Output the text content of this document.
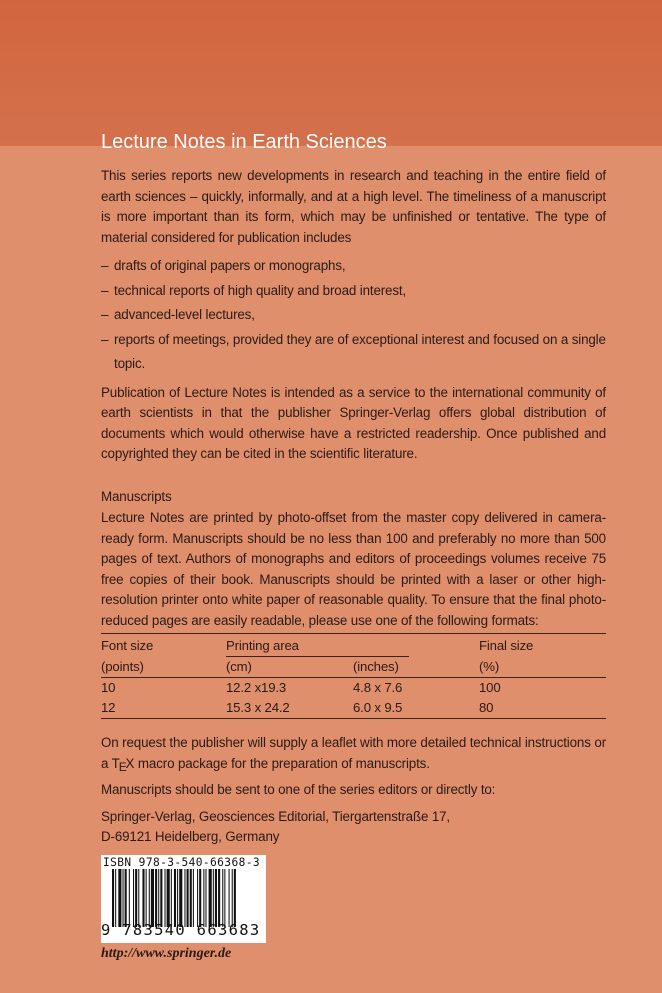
Lecture Notes in Earth Sciences

This series reports new developments in research and teaching in the entire field of earth sciences – quickly, informally, and at a high level. The timeliness of a manuscript is more important than its form, which may be unfinished or tentative. The type of material considered for publication includes

– drafts of original papers or monographs,
– technical reports of high quality and broad interest,
– advanced-level lectures,
– reports of meetings, provided they are of exceptional interest and focused on a single topic.

Publication of Lecture Notes is intended as a service to the international community of earth scientists in that the publisher Springer-Verlag offers global distribution of documents which would otherwise have a restricted readership. Once published and copyrighted they can be cited in the scientific literature.

Manuscripts

Lecture Notes are printed by photo-offset from the master copy delivered in camera-ready form. Manuscripts should be no less than 100 and preferably no more than 500 pages of text. Authors of monographs and editors of proceedings volumes receive 75 free copies of their book. Manuscripts should be printed with a laser or other high-resolution printer onto white paper of reasonable quality. To ensure that the final photo-reduced pages are easily readable, please use one of the following formats:

Font size	Printing area		Final size
(points)	(cm)	(inches)	(%)
10	12.2 x19.3	4.8 x 7.6	100
12	15.3 x 24.2	6.0 x 9.5	80

On request the publisher will supply a leaflet with more detailed technical instructions or a TEX macro package for the preparation of manuscripts.

Manuscripts should be sent to one of the series editors or directly to:

Springer-Verlag, Geosciences Editorial, Tiergartenstraße 17,
D-69121 Heidelberg, Germany
ISBN 978-3-540-66368-3
9 783540 663683
http://www.springer.de
